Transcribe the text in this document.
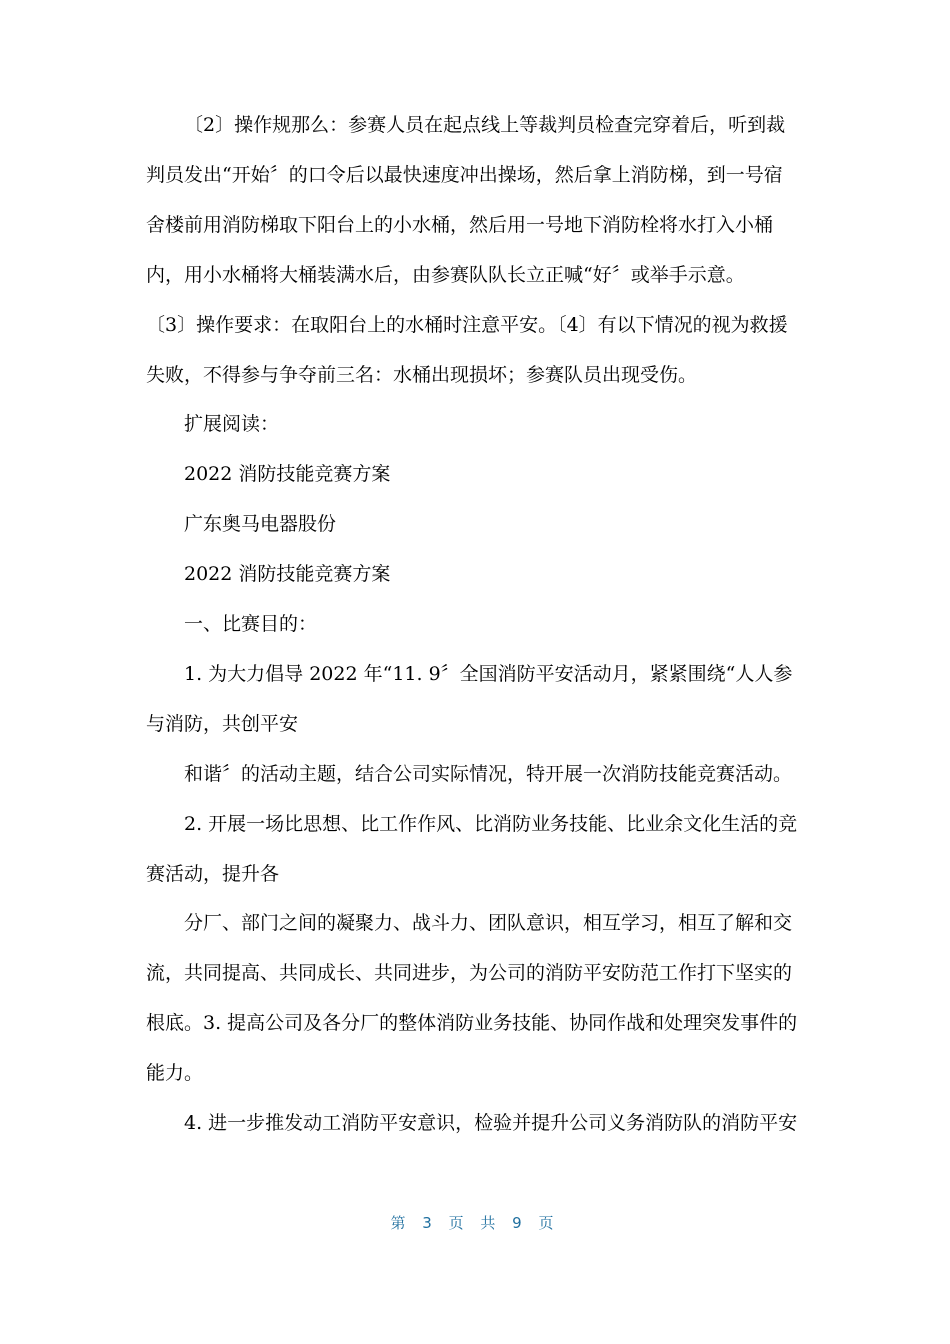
〔2〕操作规那么：参赛人员在起点线上等裁判员检查完穿着后，听到裁
判员发出“开始〞的口令后以最快速度冲出操场，然后拿上消防梯，到一号宿
舍楼前用消防梯取下阳台上的小水桶，然后用一号地下消防栓将水打入小桶
内，用小水桶将大桶装满水后，由参赛队队长立正喊“好〞或举手示意。
〔3〕操作要求：在取阳台上的水桶时注意平安。〔4〕有以下情况的视为救援
失败，不得参与争夺前三名：水桶出现损坏；参赛队员出现受伤。
扩展阅读：
2022 消防技能竞赛方案
广东奥马电器股份
2022 消防技能竞赛方案
一、比赛目的：
1. 为大力倡导 2022 年“11. 9〞全国消防平安活动月，紧紧围绕“人人参
与消防，共创平安
和谐〞的活动主题，结合公司实际情况，特开展一次消防技能竞赛活动。
2. 开展一场比思想、比工作作风、比消防业务技能、比业余文化生活的竞
赛活动，提升各
分厂、部门之间的凝聚力、战斗力、团队意识，相互学习，相互了解和交
流，共同提高、共同成长、共同进步，为公司的消防平安防范工作打下坚实的
根底。3. 提高公司及各分厂的整体消防业务技能、协同作战和处理突发事件的
能力。
4. 进一步推发动工消防平安意识，检验并提升公司义务消防队的消防平安
第 3 页 共 9 页
